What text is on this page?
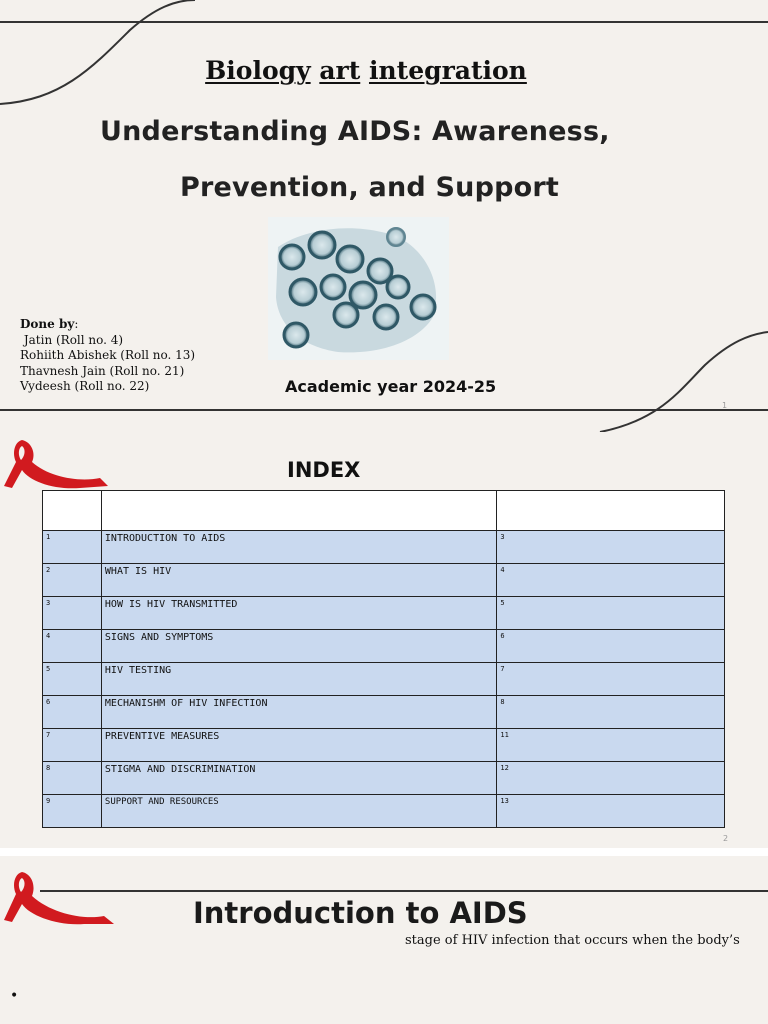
Biology art integration
Understanding AIDS: Awareness,
Prevention, and Support
Done by:
Jatin (Roll no. 4)
Rohiith Abishek (Roll no. 13)
Thavnesh Jain (Roll no. 21)
Vydeesh (Roll no. 22)	Academic year 2024-25
1
INDEX

1	INTRODUCTION TO AIDS	3
2	WHAT IS HIV	4
3	HOW IS HIV TRANSMITTED	5
4	SIGNS AND SYMPTOMS	6
5	HIV TESTING	7
6	MECHANISHM OF HIV INFECTION	8
7	PREVENTIVE MEASURES	11
8	STIGMA AND DISCRIMINATION	12
9	SUPPORT AND RESOURCES	13
2
Introduction to AIDS
stage of HIV infection that occurs when the body’s
•
